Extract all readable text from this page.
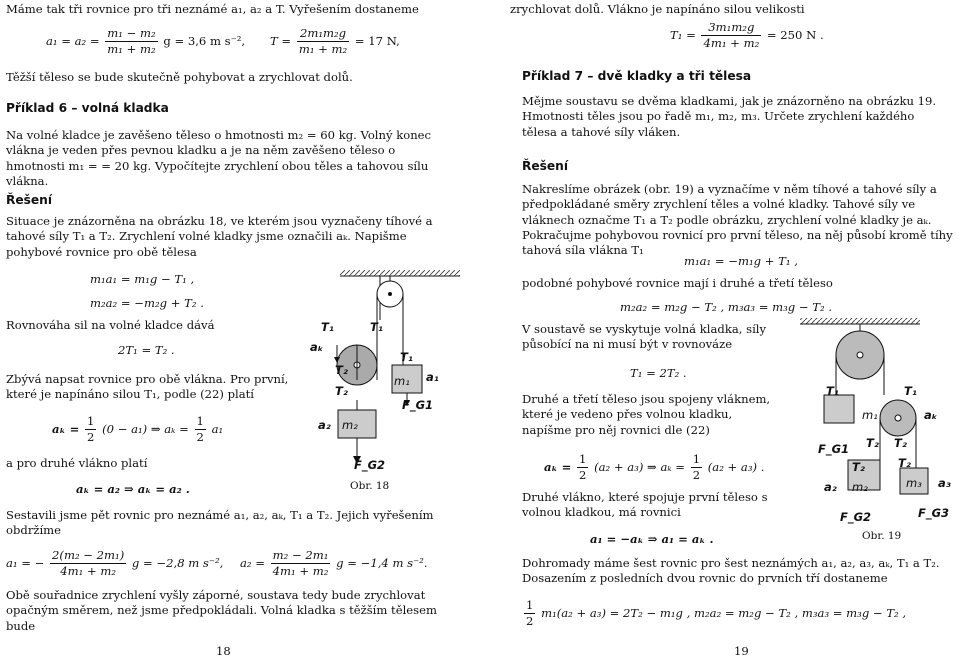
Máme tak tři rovnice pro tři neznámé a₁, a₂ a T. Vyřešením dostaneme
$a_1 = a_2 = \frac{\text{m₁ − m₂}}{\text{m₁ + m₂}}$ g = 3,6 m s⁻², $T = \frac{\text{2m₁m₂g}}{\text{m₁ + m₂}} = 17$ N,
Těžší těleso se bude skutečně pohybovat a zrychlovat dolů.
Příklad 6 – volná kladka
Na volné kladce je zavěšeno těleso o hmotnosti m₂ = 60 kg. Volný konec vlákna je veden přes pevnou kladku a je na něm zavěšeno těleso o hmotnosti m₁ = = 20 kg. Vypočítejte zrychlení obou těles a tahovou sílu vlákna.
Řešení
Situace je znázorněna na obrázku 18, ve kterém jsou vyznačeny tíhové a tahové síly T₁ a T₂. Zrychlení volné kladky jsme označili aₖ. Napišme pohybové rovnice pro obě tělesa
m₁a₁ = m₁g − T₁ ,
m₂a₂ = −m₂g + T₂ .
Rovnováha sil na volné kladce dává
2T₁ = T₂ .
Zbývá napsat rovnice pro obě vlákna. Pro první, které je napínáno silou T₁, podle (22) platí
$a_k = \frac{1}{2} (0 - a_1)$ ⇒ $a_k = \frac{1}{2} a_1$
a pro druhé vlákno platí
aₖ = a₂ ⇒ aₖ = a₂ .
Sestavili jsme pět rovnic pro neznámé a₁, a₂, aₖ, T₁ a T₂. Jejich vyřešením obdržíme
a₁ = − $\frac{\text{2(m₂ − 2m₁)}}{\text{4m₁ + m₂}}$ g = −2,8 m s⁻², $a_2 = \frac{\text{m₂ − 2m₁}}{\text{4m₁ + m₂}}$ g = −1,4 m s⁻².
Obě souřadnice zrychlení vyšly záporné, soustava tedy bude zrychlovat opačným směrem, než jsme předpokládali. Volná kladka s těžším tělesem bude
18
T₁
aₖ
T₁
T₁
T₂
T₂
m₁ a₁
F_G1
a₂ m₂
F_G2
Obr. 18
zrychlovat dolů. Vlákno je napínáno silou velikosti
$T_1 = \frac{\text{3m₁m₂g}}{\text{4m₁ + m₂}} = 250$ N .
Příklad 7 – dvě kladky a tři tělesa
Mějme soustavu se dvěma kladkami, jak je znázorněno na obrázku 19. Hmotnosti těles jsou po řadě m₁, m₂, m₃. Určete zrychlení každého tělesa a tahové síly vláken.
Řešení
Nakreslíme obrázek (obr. 19) a vyznačíme v něm tíhové a tahové síly a předpokládané směry zrychlení těles a volné kladky. Tahové síly ve vláknech označme T₁ a T₂ podle obrázku, zrychlení volné kladky je aₖ. Pokračujme pohybovou rovnicí pro první těleso, na něj působí kromě tíhy tahová síla vlákna T₁
m₁a₁ = −m₁g + T₁ ,
podobné pohybové rovnice mají i druhé a třetí těleso
m₂a₂ = m₂g − T₂ , m₃a₃ = m₃g − T₂ .
V soustavě se vyskytuje volná kladka, síly působící na ni musí být v rovnováze
T₁ = 2T₂ .
Druhé a třetí těleso jsou spojeny vláknem, které je vedeno přes volnou kladku, napíšme pro něj rovnici dle (22)
$a_k = \frac{1}{2} (a_2 + a_3)$ ⇒ $a_k = \frac{1}{2} (a_2 + a_3)$ .
Druhé vlákno, které spojuje první těleso s volnou kladkou, má rovnici
a₁ = −aₖ ⇒ a₁ = aₖ .
Dohromady máme šest rovnic pro šest neznámých a₁, a₂, a₃, aₖ, T₁ a T₂. Dosazením z posledních dvou rovnic do prvních tří dostaneme
$\frac{1}{2} m_1(a_2 + a_3) = 2T_2 - m_1g$ , m₂a₂ = m₂g − T₂ , m₃a₃ = m₃g − T₂ ,
19
T₁
m₁
T₁
aₖ
F_G1 T₂ T₂
T₂	T₂
m₃ a₃
a₂ m₂
F_G2	F_G3
Obr. 19
